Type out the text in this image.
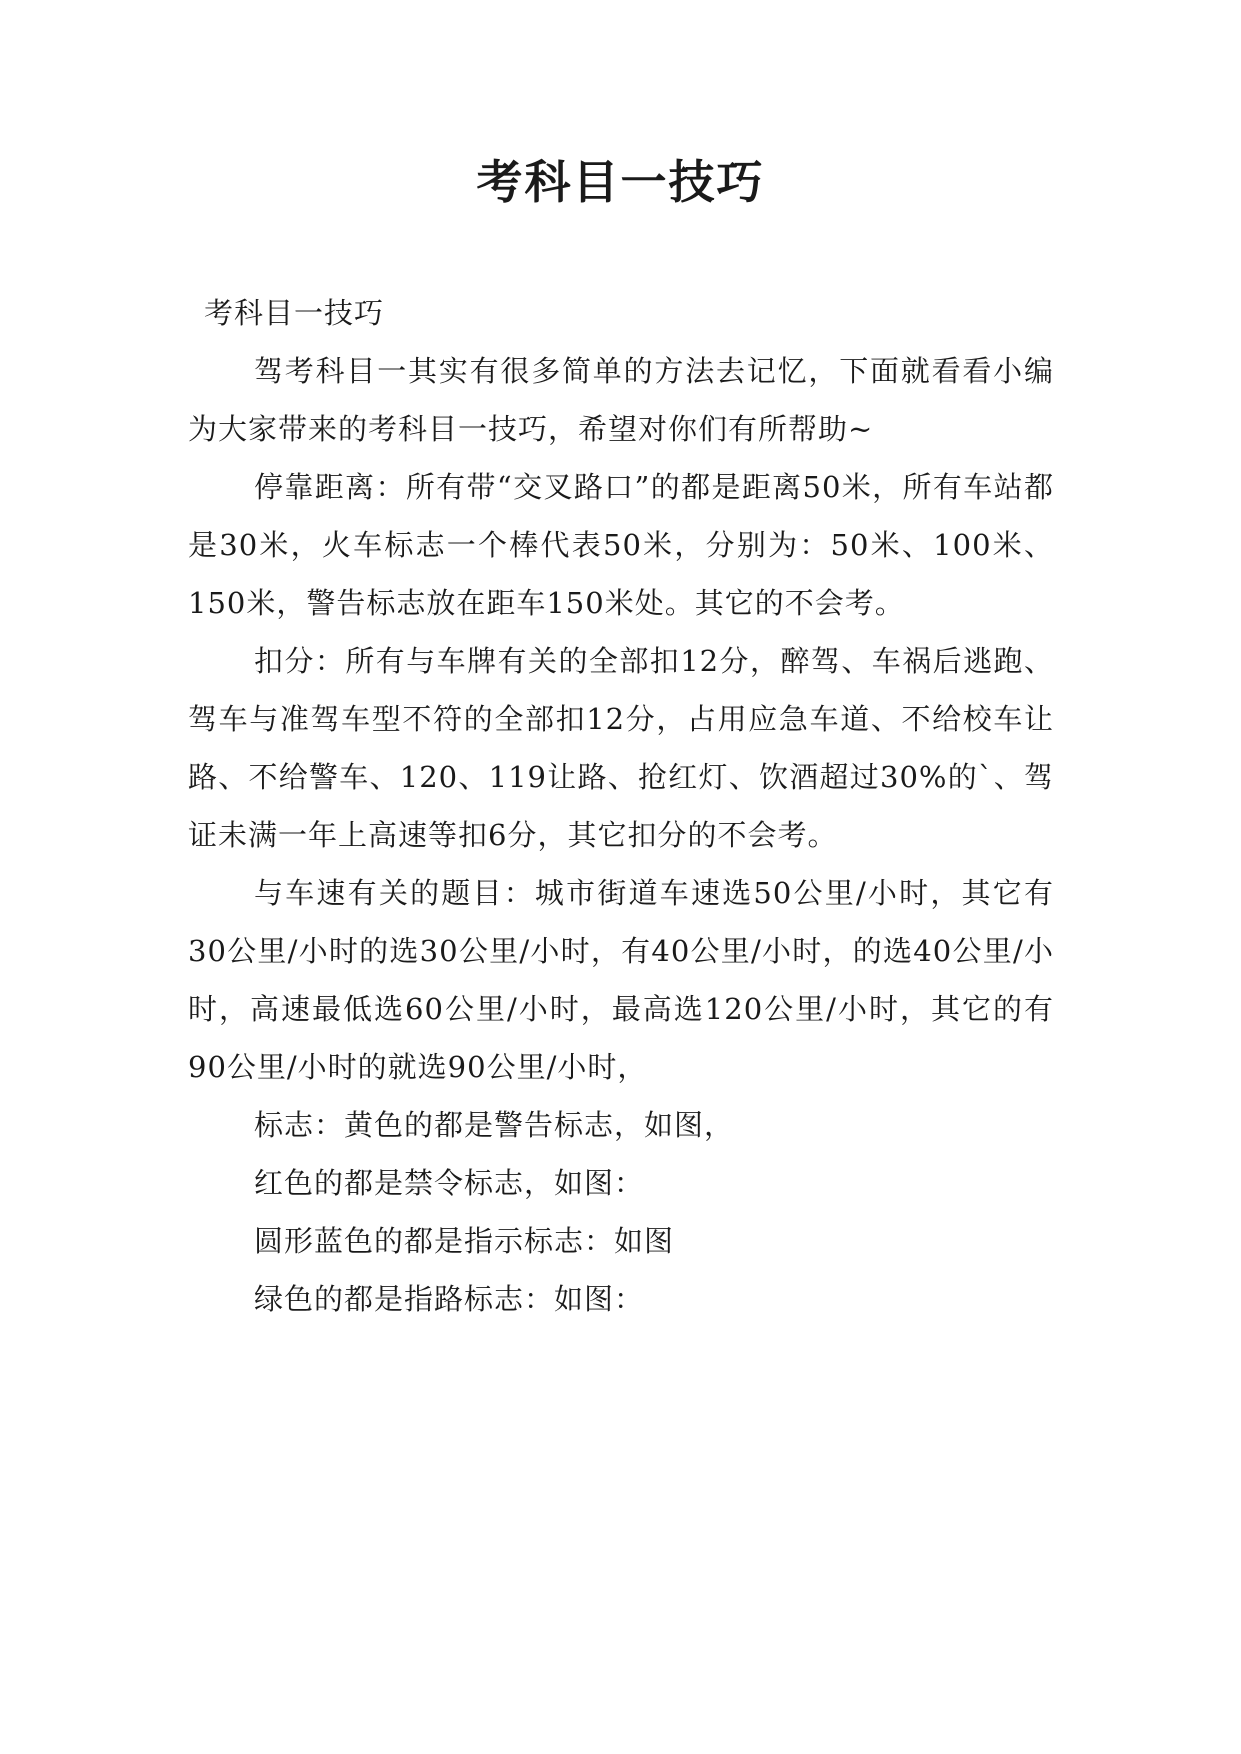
考科目一技巧

考科目一技巧

驾考科目一其实有很多简单的方法去记忆，下面就看看小编为大家带来的考科目一技巧，希望对你们有所帮助~

停靠距离：所有带“交叉路口”的都是距离50米，所有车站都是30米，火车标志一个棒代表50米，分别为：50米、100米、150米，警告标志放在距车150米处。其它的不会考。

扣分：所有与车牌有关的全部扣12分，醉驾、车祸后逃跑、驾车与准驾车型不符的全部扣12分，占用应急车道、不给校车让路、不给警车、120、119让路、抢红灯、饮酒超过30%的`、驾证未满一年上高速等扣6分，其它扣分的不会考。

与车速有关的题目：城市街道车速选50公里/小时，其它有30公里/小时的选30公里/小时，有40公里/小时，的选40公里/小时，高速最低选60公里/小时，最高选120公里/小时，其它的有90公里/小时的就选90公里/小时，

标志：黄色的都是警告标志，如图，

红色的都是禁令标志，如图：

圆形蓝色的都是指示标志：如图

绿色的都是指路标志：如图：
